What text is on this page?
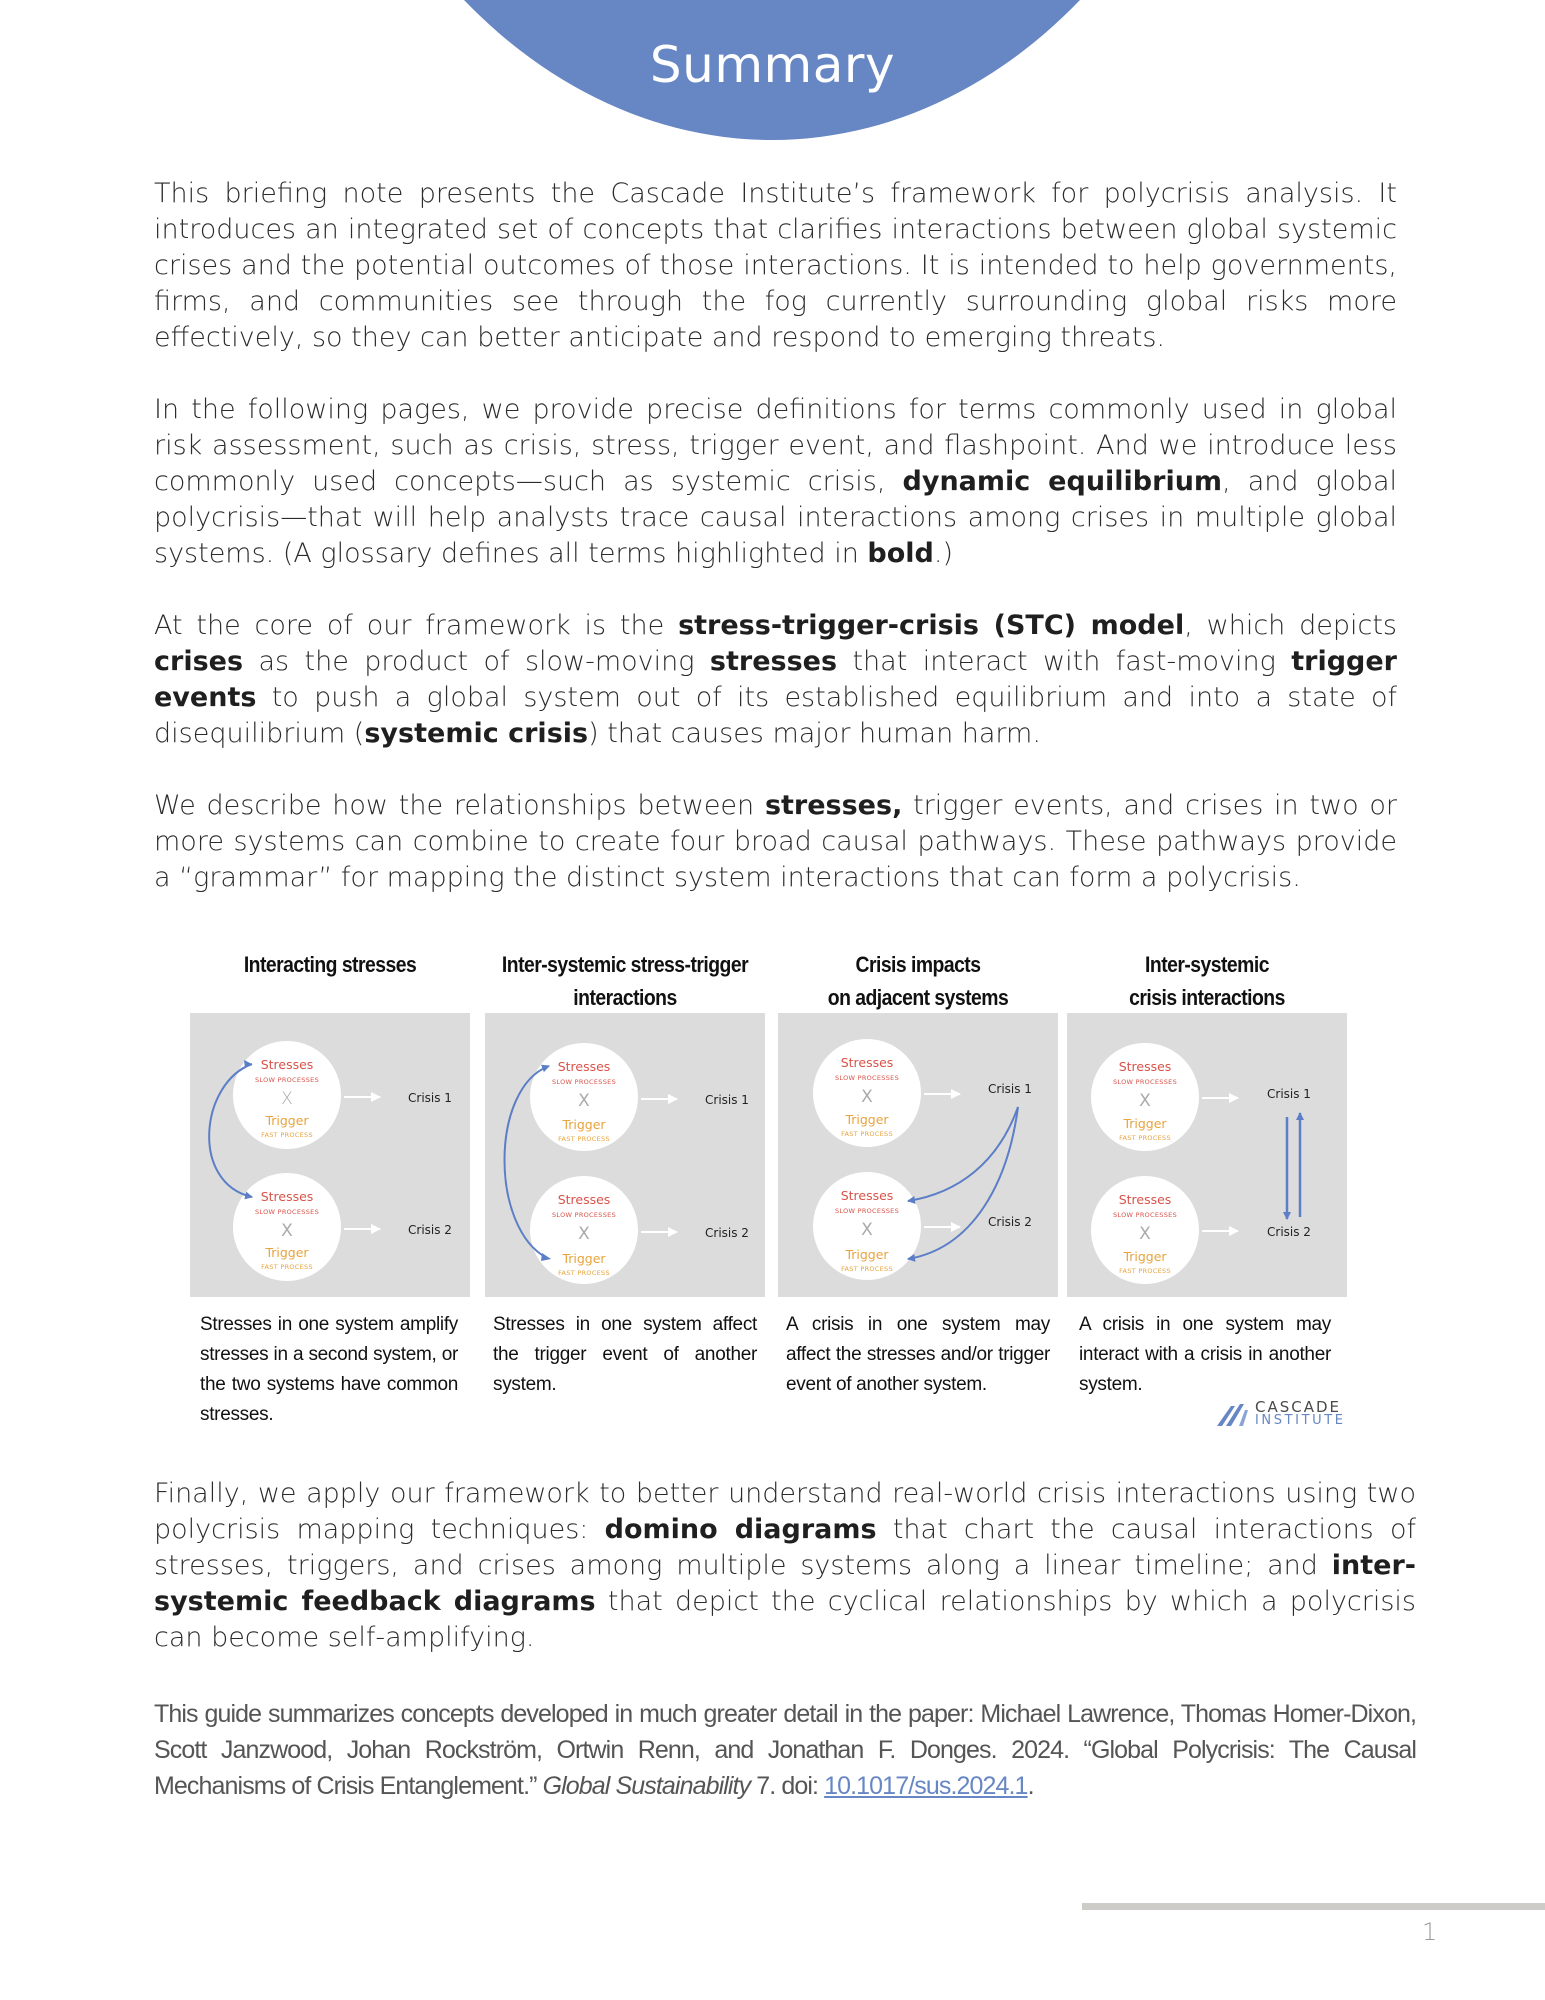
Summary

This briefing note presents the Cascade Institute’s framework for polycrisis analysis. It introduces an integrated set of concepts that clarifies interactions between global systemic crises and the potential outcomes of those interactions. It is intended to help governments, firms, and communities see through the fog currently surrounding global risks more effectively, so they can better anticipate and respond to emerging threats.

In the following pages, we provide precise definitions for terms commonly used in global risk assessment, such as crisis, stress, trigger event, and flashpoint. And we introduce less commonly used concepts—such as systemic crisis, dynamic equilibrium, and global polycrisis—that will help analysts trace causal interactions among crises in multiple global systems. (A glossary defines all terms highlighted in bold.)

At the core of our framework is the stress-trigger-crisis (STC) model, which depicts crises as the product of slow-moving stresses that interact with fast-moving trigger events to push a global system out of its established equilibrium and into a state of disequilibrium (systemic crisis) that causes major human harm.

We describe how the relationships between stresses, trigger events, and crises in two or more systems can combine to create four broad causal pathways. These pathways provide a “grammar” for mapping the distinct system interactions that can form a polycrisis.

Interacting stresses
Stresses
SLOW PROCESSES
X
Trigger
FAST PROCESS
Crisis 1
Stresses
SLOW PROCESSES
X
Trigger
FAST PROCESS
Crisis 2
Stresses in one system amplify stresses in a second system, or the two systems have common stresses.
Inter-systemic stress-trigger
interactions
Stresses
SLOW PROCESSES
X
Trigger
FAST PROCESS
Crisis 1
Stresses
SLOW PROCESSES
X
Trigger
FAST PROCESS
Crisis 2
Stresses in one system affect the trigger event of another system.
Crisis impacts
on adjacent systems
Stresses
SLOW PROCESSES
X
Trigger
FAST PROCESS
Crisis 1
Stresses
SLOW PROCESSES
X
Trigger
FAST PROCESS
Crisis 2
A crisis in one system may affect the stresses and/or trigger event of another system.
Inter-systemic
crisis interactions
Stresses
SLOW PROCESSES
X
Trigger
FAST PROCESS
Crisis 1
Stresses
SLOW PROCESSES
X
Trigger
FAST PROCESS
Crisis 2
A crisis in one system may interact with a crisis in another system.
CASCADE
INSTITUTE

Finally, we apply our framework to better understand real-world crisis interactions using two polycrisis mapping techniques: domino diagrams that chart the causal interactions of stresses, triggers, and crises among multiple systems along a linear timeline; and inter-systemic feedback diagrams that depict the cyclical relationships by which a polycrisis can become self-amplifying.

This guide summarizes concepts developed in much greater detail in the paper: Michael Lawrence, Thomas Homer-Dixon, Scott Janzwood, Johan Rockström, Ortwin Renn, and Jonathan F. Donges. 2024. “Global Polycrisis: The Causal Mechanisms of Crisis Entanglement.” Global Sustainability 7. doi: 10.1017/sus.2024.1.

1
